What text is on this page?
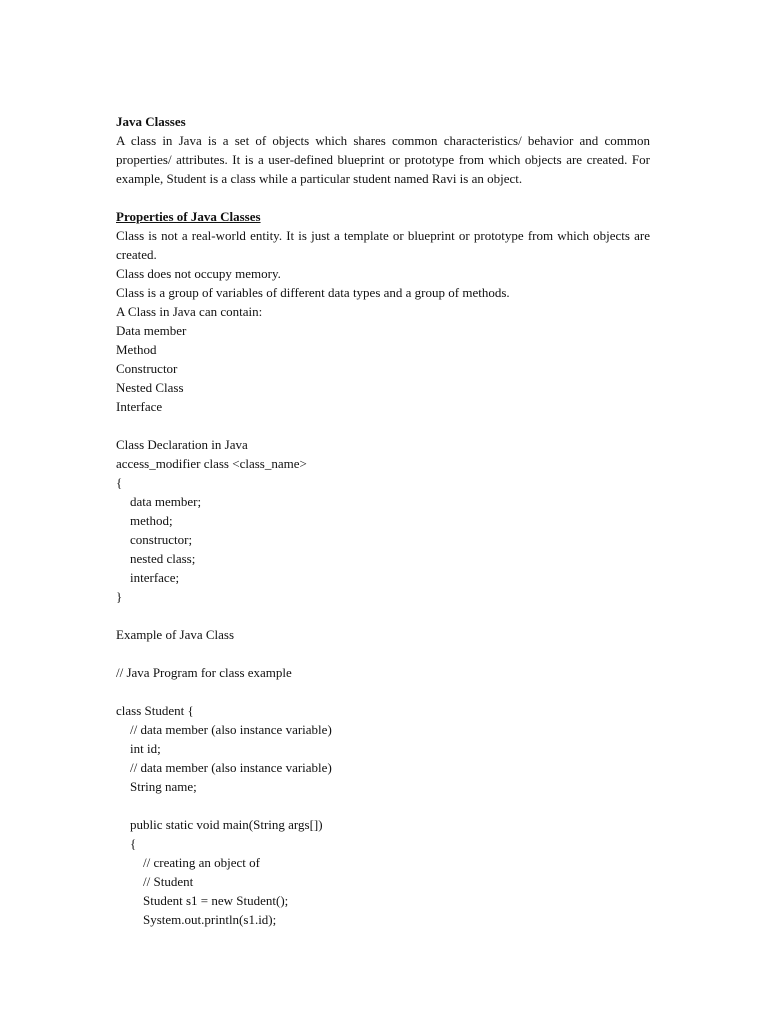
Java Classes
A class in Java is a set of objects which shares common characteristics/ behavior and common properties/ attributes. It is a user-defined blueprint or prototype from which objects are created. For example, Student is a class while a particular student named Ravi is an object.
Properties of Java Classes
Class is not a real-world entity. It is just a template or blueprint or prototype from which objects are created.
Class does not occupy memory.
Class is a group of variables of different data types and a group of methods.
A Class in Java can contain:
Data member
Method
Constructor
Nested Class
Interface
Class Declaration in Java
access_modifier class <class_name>
{
data member;
method;
constructor;
nested class;
interface;
}
Example of Java Class
// Java Program for class example
class Student {
// data member (also instance variable)
int id;
// data member (also instance variable)
String name;
public static void main(String args[])
{
// creating an object of
// Student
Student s1 = new Student();
System.out.println(s1.id);
